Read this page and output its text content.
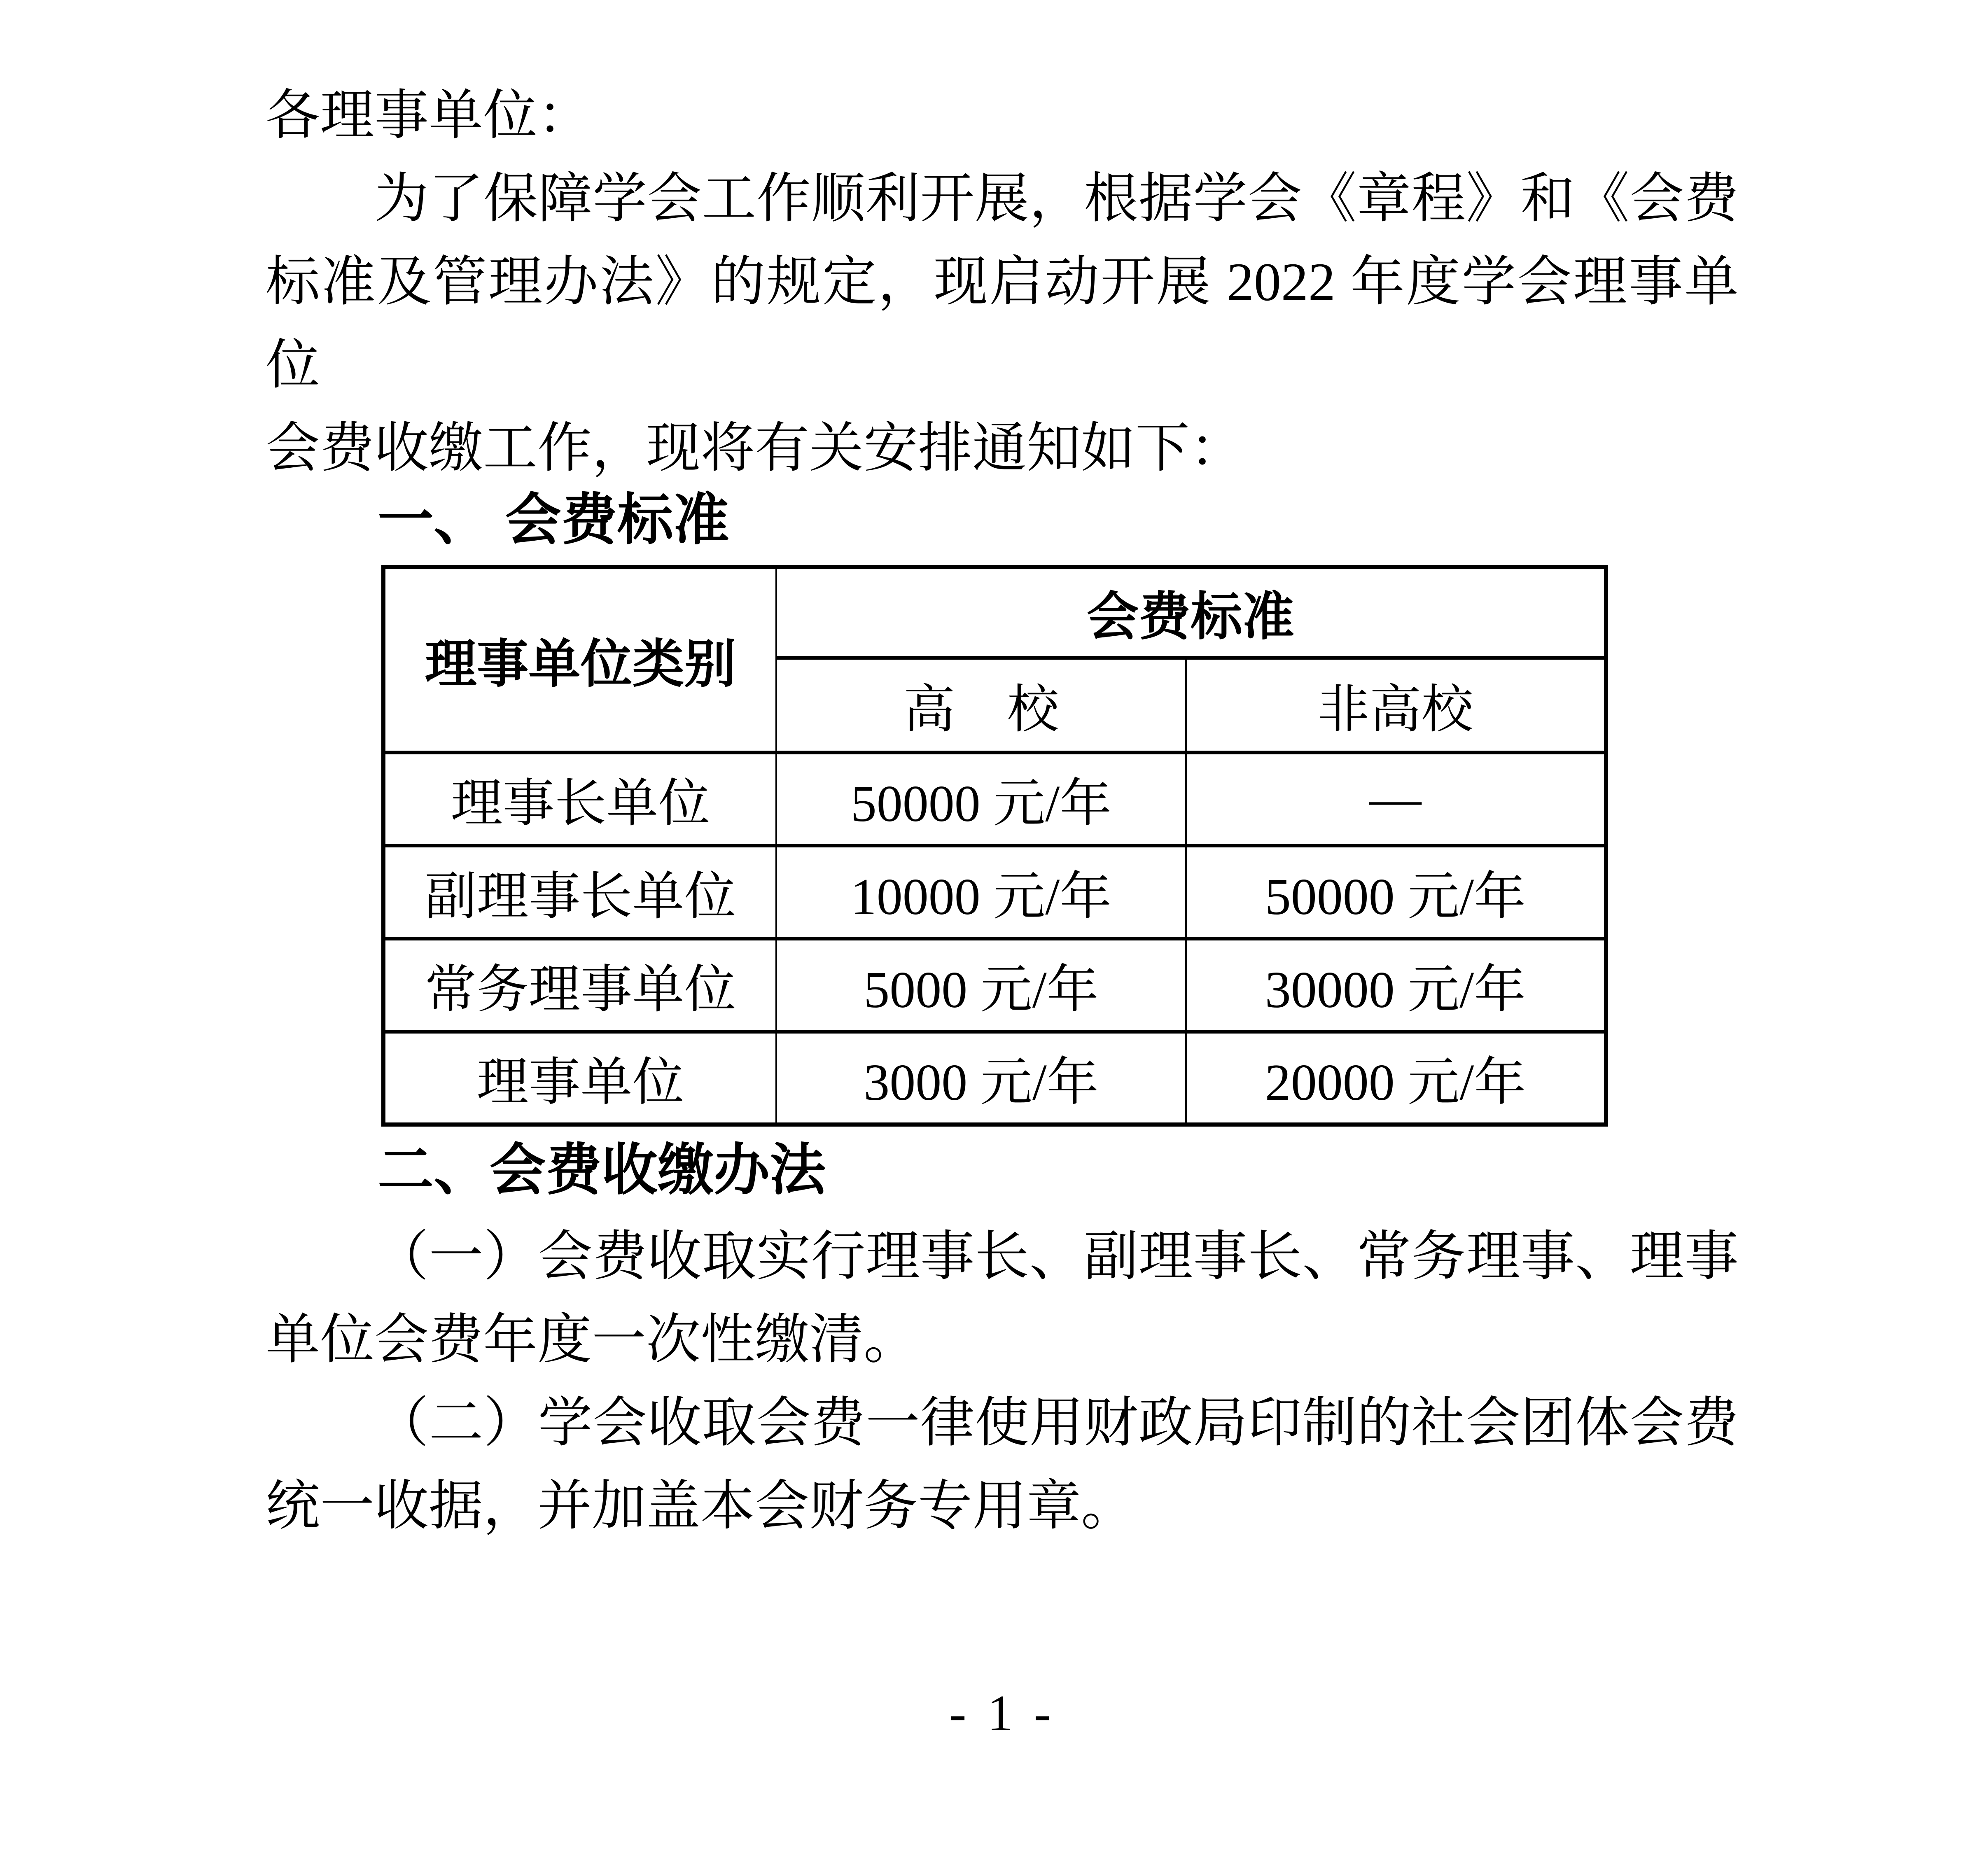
各理事单位：
为了保障学会工作顺利开展，根据学会《章程》和《会费
标准及管理办法》的规定，现启动开展 2022 年度学会理事单位
会费收缴工作，现将有关安排通知如下：
一、 会费标准
理事单位类别	会费标准	
	高　校	非高校
理事长单位	50000 元/年	—
副理事长单位	10000 元/年	50000 元/年
常务理事单位	5000 元/年	30000 元/年
理事单位	3000 元/年	20000 元/年
二、会费收缴办法
（一）会费收取实行理事长、副理事长、常务理事、理事
单位会费年度一次性缴清。
（二）学会收取会费一律使用财政局印制的社会团体会费
统一收据，并加盖本会财务专用章。
- 1 -
